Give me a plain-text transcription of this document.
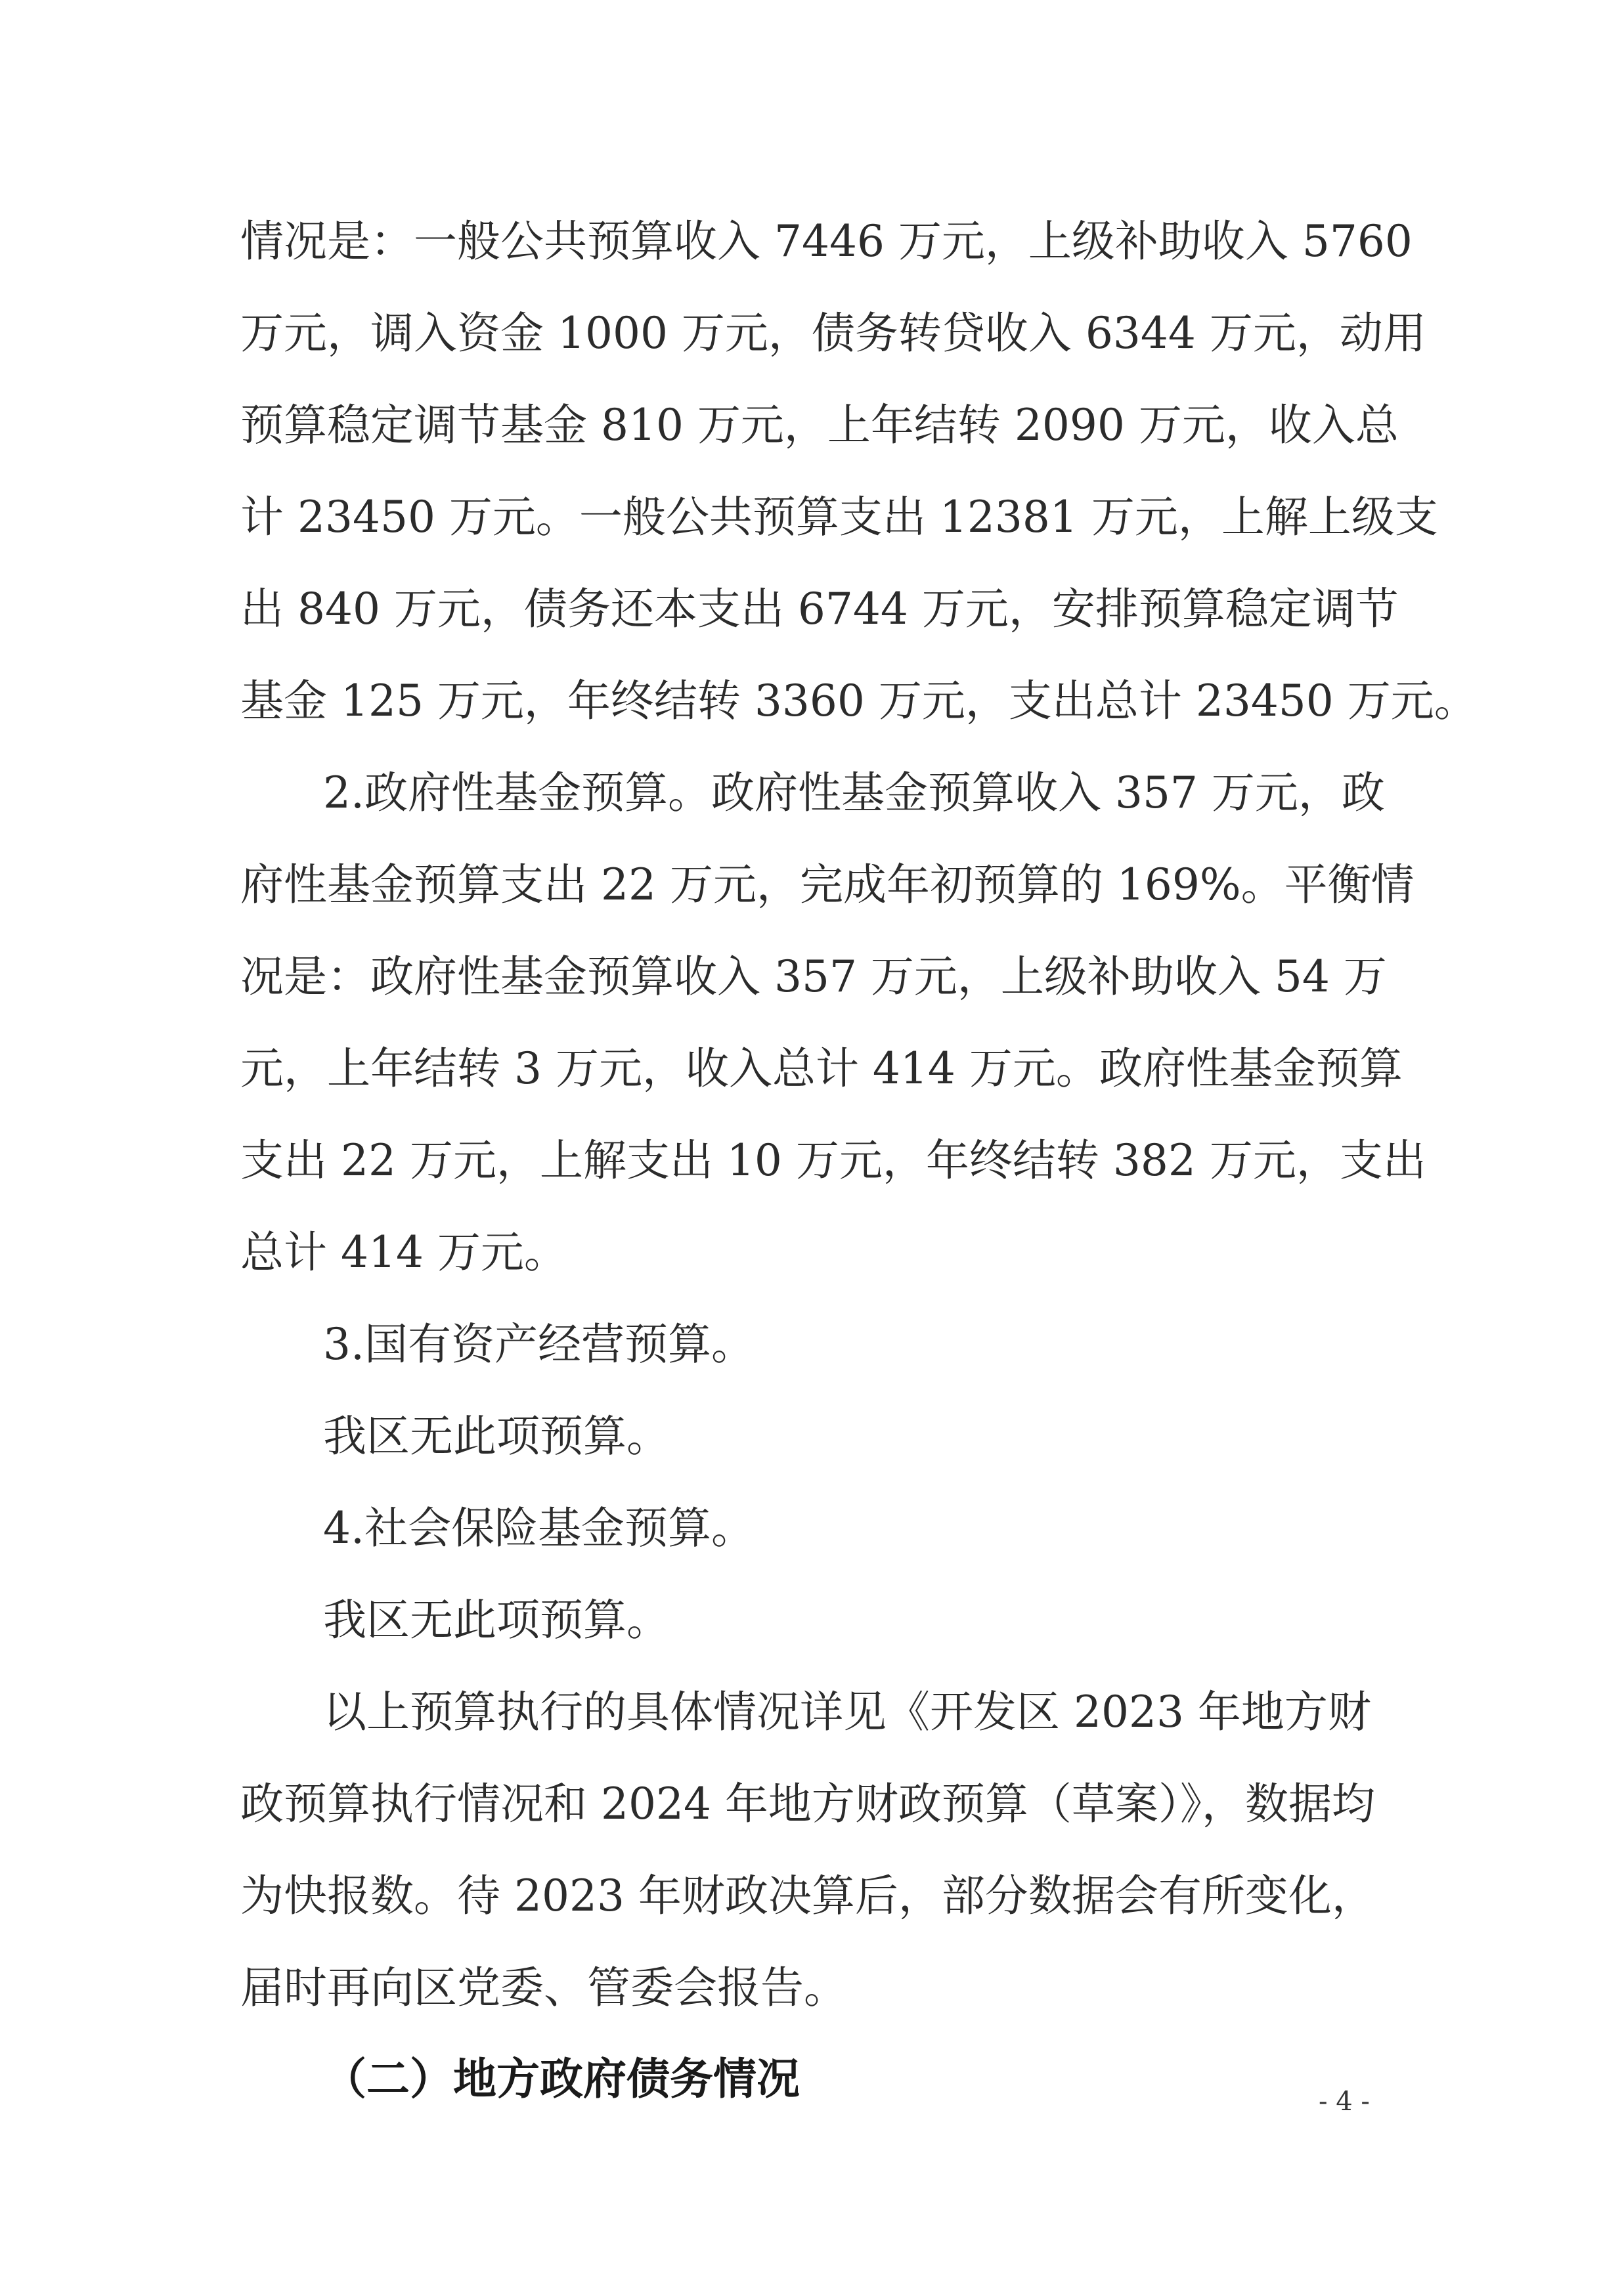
情况是：一般公共预算收入 7446 万元，上级补助收入 5760
万元，调入资金 1000 万元，债务转贷收入 6344 万元，动用
预算稳定调节基金 810 万元，上年结转 2090 万元，收入总
计 23450 万元。一般公共预算支出 12381 万元，上解上级支
出 840 万元，债务还本支出 6744 万元，安排预算稳定调节
基金 125 万元，年终结转 3360 万元，支出总计 23450 万元。
2.政府性基金预算。政府性基金预算收入 357 万元，政
府性基金预算支出 22 万元，完成年初预算的 169%。平衡情
况是：政府性基金预算收入 357 万元，上级补助收入 54 万
元，上年结转 3 万元，收入总计 414 万元。政府性基金预算
支出 22 万元，上解支出 10 万元，年终结转 382 万元，支出
总计 414 万元。
3.国有资产经营预算。
我区无此项预算。
4.社会保险基金预算。
我区无此项预算。
以上预算执行的具体情况详见《开发区 2023 年地方财
政预算执行情况和 2024 年地方财政预算（草案）》，数据均
为快报数。待 2023 年财政决算后，部分数据会有所变化，
届时再向区党委、管委会报告。
（二）地方政府债务情况	- 4 -
